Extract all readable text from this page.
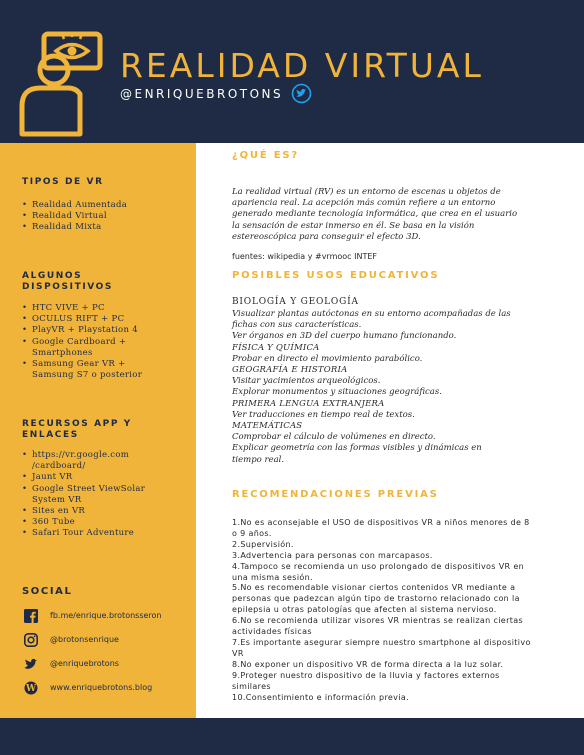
REALIDAD VIRTUAL
@ENRIQUEBROTONS
TIPOS DE VR
• Realidad Aumentada
• Realidad Virtual
• Realidad Mixta
ALGUNOS
DISPOSITIVOS
• HTC VIVE + PC
• OCULUS RIFT + PC
• PlayVR + Playstation 4
• Google Cardboard +
Smartphones
• Samsung Gear VR +
Samsung S7 o posterior
RECURSOS APP Y
ENLACES
• https://vr.google.com
/cardboard/
• Jaunt VR
• Google Street ViewSolar
System VR
• Sites en VR
• 360 Tube
• Safari Tour Adventure
SOCIAL
fb.me/enrique.brotonsseron
@brotonsenrique
@enriquebrotons
W www.enriquebrotons.blog
¿QUÉ ES?
La realidad virtual (RV) es un entorno de escenas u objetos de
apariencia real. La acepción más común refiere a un entorno
generado mediante tecnología informática, que crea en el usuario
la sensación de estar inmerso en él. Se basa en la visión
estereoscópica para conseguir el efecto 3D.
fuentes: wikipedia y #vrmooc INTEF
POSIBLES USOS EDUCATIVOS
BIOLOGÍA Y GEOLOGÍA
Visualizar plantas autóctonas en su entorno acompañadas de las
fichas con sus características.
Ver órganos en 3D del cuerpo humano funcionando.
FÍSICA Y QUÍMICA
Probar en directo el movimiento parabólico.
GEOGRAFÍA E HISTORIA
Visitar yacimientos arqueológicos.
Explorar monumentos y situaciones geográficas.
PRIMERA LENGUA EXTRANJERA
Ver traducciones en tiempo real de textos.
MATEMÁTICAS
Comprobar el cálculo de volúmenes en directo.
Explicar geometría con las formas visibles y dinámicas en
tiempo real.
RECOMENDACIONES PREVIAS
1.No es aconsejable el USO de dispositivos VR a niños menores de 8
o 9 años.
2.Supervisión.
3.Advertencia para personas con marcapasos.
4.Tampoco se recomienda un uso prolongado de dispositivos VR en
una misma sesión.
5.No es recomendable visionar ciertos contenidos VR mediante a
personas que padezcan algún tipo de trastorno relacionado con la
epilepsia u otras patologías que afecten al sistema nervioso.
6.No se recomienda utilizar visores VR mientras se realizan ciertas
actividades físicas
7.Es importante asegurar siempre nuestro smartphone al dispositivo
VR
8.No exponer un dispositivo VR de forma directa a la luz solar.
9.Proteger nuestro dispositivo de la lluvia y factores externos
similares
10.Consentimiento e información previa.
